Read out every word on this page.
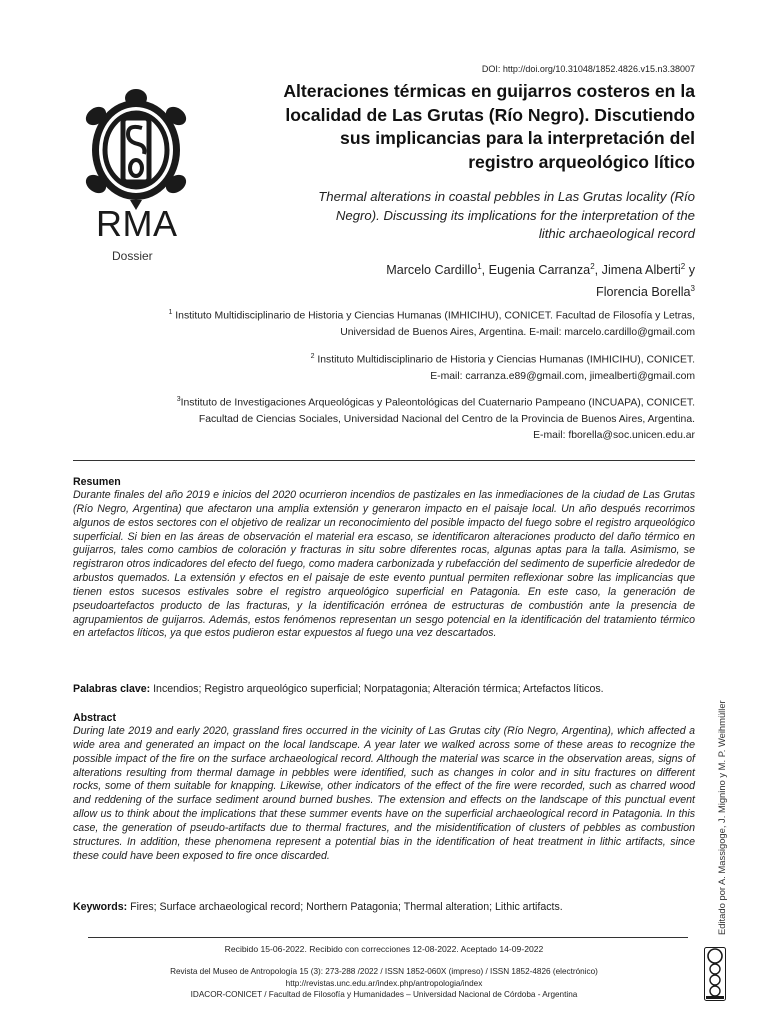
DOI: http://doi.org/10.31048/1852.4826.v15.n3.38007
RMA
Dossier
Alteraciones térmicas en guijarros costeros en la
localidad de Las Grutas (Río Negro). Discutiendo
sus implicancias para la interpretación del
registro arqueológico lítico
Thermal alterations in coastal pebbles in Las Grutas locality (Río
Negro). Discussing its implications for the interpretation of the
lithic archaeological record
Marcelo Cardillo$^1$, Eugenia Carranza$^2$, Jimena Alberti$^2$ y
Florencia Borella$^3$
$^1$ Instituto Multidisciplinario de Historia y Ciencias Humanas (IMHICIHU), CONICET. Facultad de Filosofía y Letras,
Universidad de Buenos Aires, Argentina. E-mail: marcelo.cardillo@gmail.com
$^2$ Instituto Multidisciplinario de Historia y Ciencias Humanas (IMHICIHU), CONICET.
E-mail: carranza.e89@gmail.com, jimealberti@gmail.com
$^3$Instituto de Investigaciones Arqueológicas y Paleontológicas del Cuaternario Pampeano (INCUAPA), CONICET.
Facultad de Ciencias Sociales, Universidad Nacional del Centro de la Provincia de Buenos Aires, Argentina.
E-mail: fborella@soc.unicen.edu.ar
Resumen
Durante finales del año 2019 e inicios del 2020 ocurrieron incendios de pastizales en las inmediaciones de la ciudad de Las Grutas (Río Negro, Argentina) que afectaron una amplia extensión y generaron impacto en el paisaje local. Un año después recorrimos algunos de estos sectores con el objetivo de realizar un reconocimiento del posible impacto del fuego sobre el registro arqueológico superficial. Si bien en las áreas de observación el material era escaso, se identificaron alteraciones producto del daño térmico en guijarros, tales como cambios de coloración y fracturas in situ sobre diferentes rocas, algunas aptas para la talla. Asimismo, se registraron otros indicadores del efecto del fuego, como madera carbonizada y rubefacción del sedimento de superficie alrededor de arbustos quemados. La extensión y efectos en el paisaje de este evento puntual permiten reflexionar sobre las implicancias que tienen estos sucesos estivales sobre el registro arqueológico superficial en Patagonia. En este caso, la generación de pseudoartefactos producto de las fracturas, y la identificación errónea de estructuras de combustión ante la presencia de agrupamientos de guijarros. Además, estos fenómenos representan un sesgo potencial en la identificación del tratamiento térmico en artefactos líticos, ya que estos pudieron estar expuestos al fuego una vez descartados.
Palabras clave: Incendios; Registro arqueológico superficial; Norpatagonia; Alteración térmica; Artefactos líticos.
Abstract
During late 2019 and early 2020, grassland fires occurred in the vicinity of Las Grutas city (Río Negro, Argentina), which affected a wide area and generated an impact on the local landscape. A year later we walked across some of these areas to recognize the possible impact of the fire on the surface archaeological record. Although the material was scarce in the observation areas, signs of alterations resulting from thermal damage in pebbles were identified, such as changes in color and in situ fractures on different rocks, some of them suitable for knapping. Likewise, other indicators of the effect of the fire were recorded, such as charred wood and reddening of the surface sediment around burned bushes. The extension and effects on the landscape of this punctual event allow us to think about the implications that these summer events have on the superficial archaeological record in Patagonia. In this case, the generation of pseudo-artifacts due to thermal fractures, and the misidentification of clusters of pebbles as combustion structures. In addition, these phenomena represent a potential bias in the identification of heat treatment in lithic artifacts, since these could have been exposed to fire once discarded.
Keywords: Fires; Surface archaeological record; Northern Patagonia; Thermal alteration; Lithic artifacts.
Recibido 15-06-2022. Recibido con correcciones 12-08-2022. Aceptado 14-09-2022
Revista del Museo de Antropología 15 (3): 273-288 /2022 / ISSN 1852-060X (impreso) / ISSN 1852-4826 (electrónico)
http://revistas.unc.edu.ar/index.php/antropologia/index
IDACOR-CONICET / Facultad de Filosofía y Humanidades – Universidad Nacional de Córdoba - Argentina
Editado por A. Massigoge, J. Mignino y M. P. Weihmüller
